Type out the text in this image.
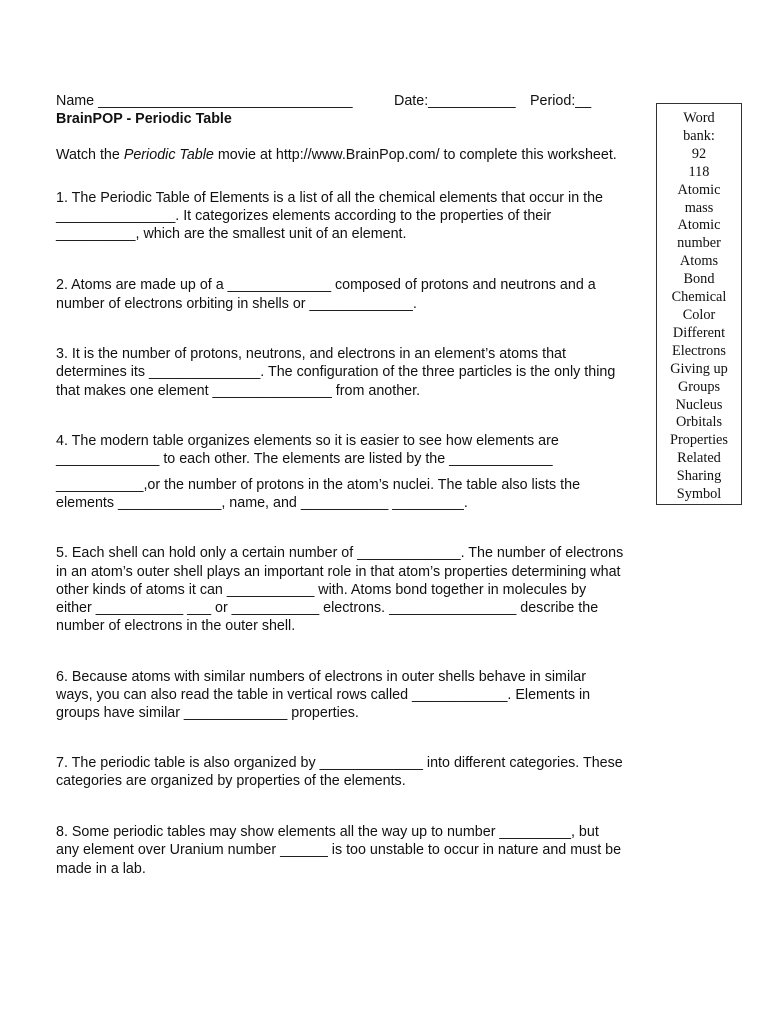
Name ________________________________	Date:___________ Period:__
BrainPOP - Periodic Table
Watch the Periodic Table movie at http://www.BrainPop.com/ to complete this worksheet.
1. The Periodic Table of Elements is a list of all the chemical elements that occur in the
_______________. It categorizes elements according to the properties of their
__________, which are the smallest unit of an element.
2. Atoms are made up of a _____________ composed of protons and neutrons and a
number of electrons orbiting in shells or _____________.
3. It is the number of protons, neutrons, and electrons in an element’s atoms that
determines its ______________. The configuration of the three particles is the only thing
that makes one element _______________ from another.
4. The modern table organizes elements so it is easier to see how elements are
_____________ to each other. The elements are listed by the _____________
___________,or the number of protons in the atom’s nuclei. The table also lists the
elements _____________, name, and ___________ _________.
5. Each shell can hold only a certain number of _____________. The number of electrons
in an atom’s outer shell plays an important role in that atom’s properties determining what
other kinds of atoms it can ___________ with. Atoms bond together in molecules by
either ___________ ___ or ___________ electrons. ________________ describe the
number of electrons in the outer shell.
6. Because atoms with similar numbers of electrons in outer shells behave in similar
ways, you can also read the table in vertical rows called ____________. Elements in
groups have similar _____________ properties.
7. The periodic table is also organized by _____________ into different categories. These
categories are organized by properties of the elements.
8. Some periodic tables may show elements all the way up to number _________, but
any element over Uranium number ______ is too unstable to occur in nature and must be
made in a lab.
Word
bank:
92
118
Atomic
mass
Atomic
number
Atoms
Bond
Chemical
Color
Different
Electrons
Giving up
Groups
Nucleus
Orbitals
Properties
Related
Sharing
Symbol
